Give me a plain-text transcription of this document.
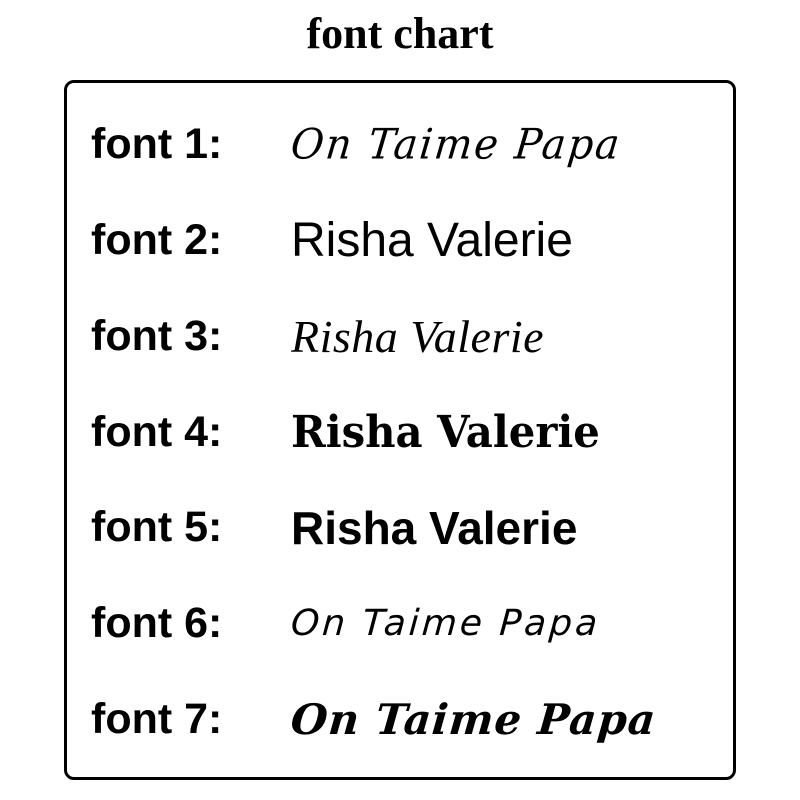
font chart
font 1:	On Taime Papa
font 2:	Risha Valerie
font 3:	Risha Valerie
font 4:	Risha Valerie
font 5:	Risha Valerie
font 6:	On Taime Papa
font 7:	On Taime Papa
